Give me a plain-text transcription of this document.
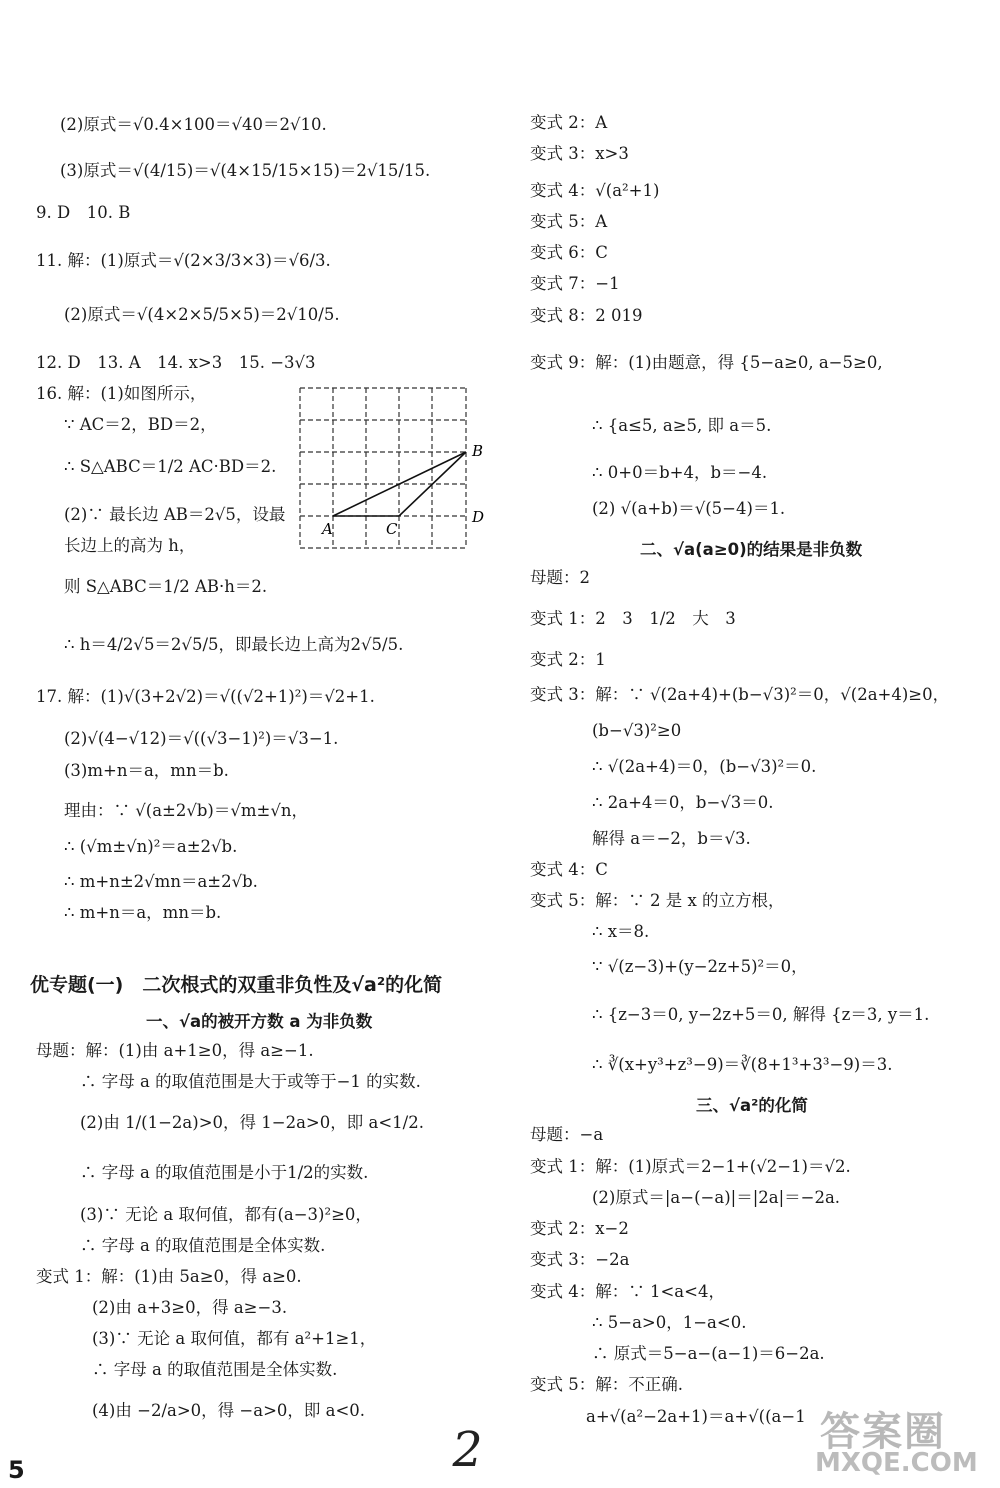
(2)原式＝√0.4×100＝√40＝2√10.
(3)原式＝√(4/15)＝√(4×15/15×15)＝2√15/15.
9. D　10. B
11. 解：(1)原式＝√(2×3/3×3)＝√6/3.
(2)原式＝√(4×2×5/5×5)＝2√10/5.
12. D　13. A　14. x>3　15. −3√3
16. 解：(1)如图所示，
∵ AC＝2，BD＝2，
∴ S△ABC＝1/2 AC·BD＝2.
(2)∵ 最长边 AB＝2√5，设最
长边上的高为 h，
则 S△ABC＝1/2 AB·h＝2.
∴ h＝4/2√5＝2√5/5，即最长边上高为2√5/5.
17. 解：(1)√(3+2√2)＝√((√2+1)²)＝√2+1.
(2)√(4−√12)＝√((√3−1)²)＝√3−1.
(3)m+n＝a，mn＝b.
理由：∵ √(a±2√b)＝√m±√n，
∴ (√m±√n)²＝a±2√b.
∴ m+n±2√mn＝a±2√b.
∴ m+n＝a，mn＝b.
母题：解：(1)由 a+1≥0，得 a≥−1.
∴ 字母 a 的取值范围是大于或等于−1 的实数.
(2)由 1/(1−2a)>0，得 1−2a>0，即 a<1/2.
∴ 字母 a 的取值范围是小于1/2的实数.
(3)∵ 无论 a 取何值，都有(a−3)²≥0，
∴ 字母 a 的取值范围是全体实数.
变式 1：解：(1)由 5a≥0，得 a≥0.
(2)由 a+3≥0，得 a≥−3.
(3)∵ 无论 a 取何值，都有 a²+1≥1，
∴ 字母 a 的取值范围是全体实数.
(4)由 −2/a>0，得 −a>0，即 a<0.
变式 2：A
变式 3：x>3
变式 4：√(a²+1)
变式 5：A
变式 6：C
变式 7：−1
变式 8：2 019
变式 9：解：(1)由题意，得 {5−a≥0, a−5≥0,
∴ {a≤5, a≥5, 即 a＝5.
∴ 0+0＝b+4，b＝−4.
(2) √(a+b)＝√(5−4)＝1.
母题：2
变式 1：2　3　1/2　大　3
变式 2：1
变式 3：解：∵ √(2a+4)+(b−√3)²＝0，√(2a+4)≥0，
(b−√3)²≥0
∴ √(2a+4)＝0，(b−√3)²＝0.
∴ 2a+4＝0，b−√3＝0.
解得 a＝−2，b＝√3.
变式 4：C
变式 5：解：∵ 2 是 x 的立方根，
∴ x＝8.
∵ √(z−3)+(y−2z+5)²＝0，
∴ {z−3＝0, y−2z+5＝0, 解得 {z＝3, y＝1.
∴ ∛(x+y³+z³−9)＝∛(8+1³+3³−9)＝3.
母题：−a
变式 1：解：(1)原式＝2−1+(√2−1)＝√2.
(2)原式＝|a−(−a)|＝|2a|＝−2a.
变式 2：x−2
变式 3：−2a
变式 4：解：∵ 1<a<4，
∴ 5−a>0，1−a<0.
∴ 原式＝5−a−(a−1)＝6−2a.
变式 5：解：不正确.
a+√(a²−2a+1)＝a+√((a−1
优专题(一)　二次根式的双重非负性及√a²的化简
一、√a的被开方数 a 为非负数
二、√a(a≥0)的结果是非负数
三、√a²的化简
A
B
C
D
5	2	答案圈
MXQE.COM
